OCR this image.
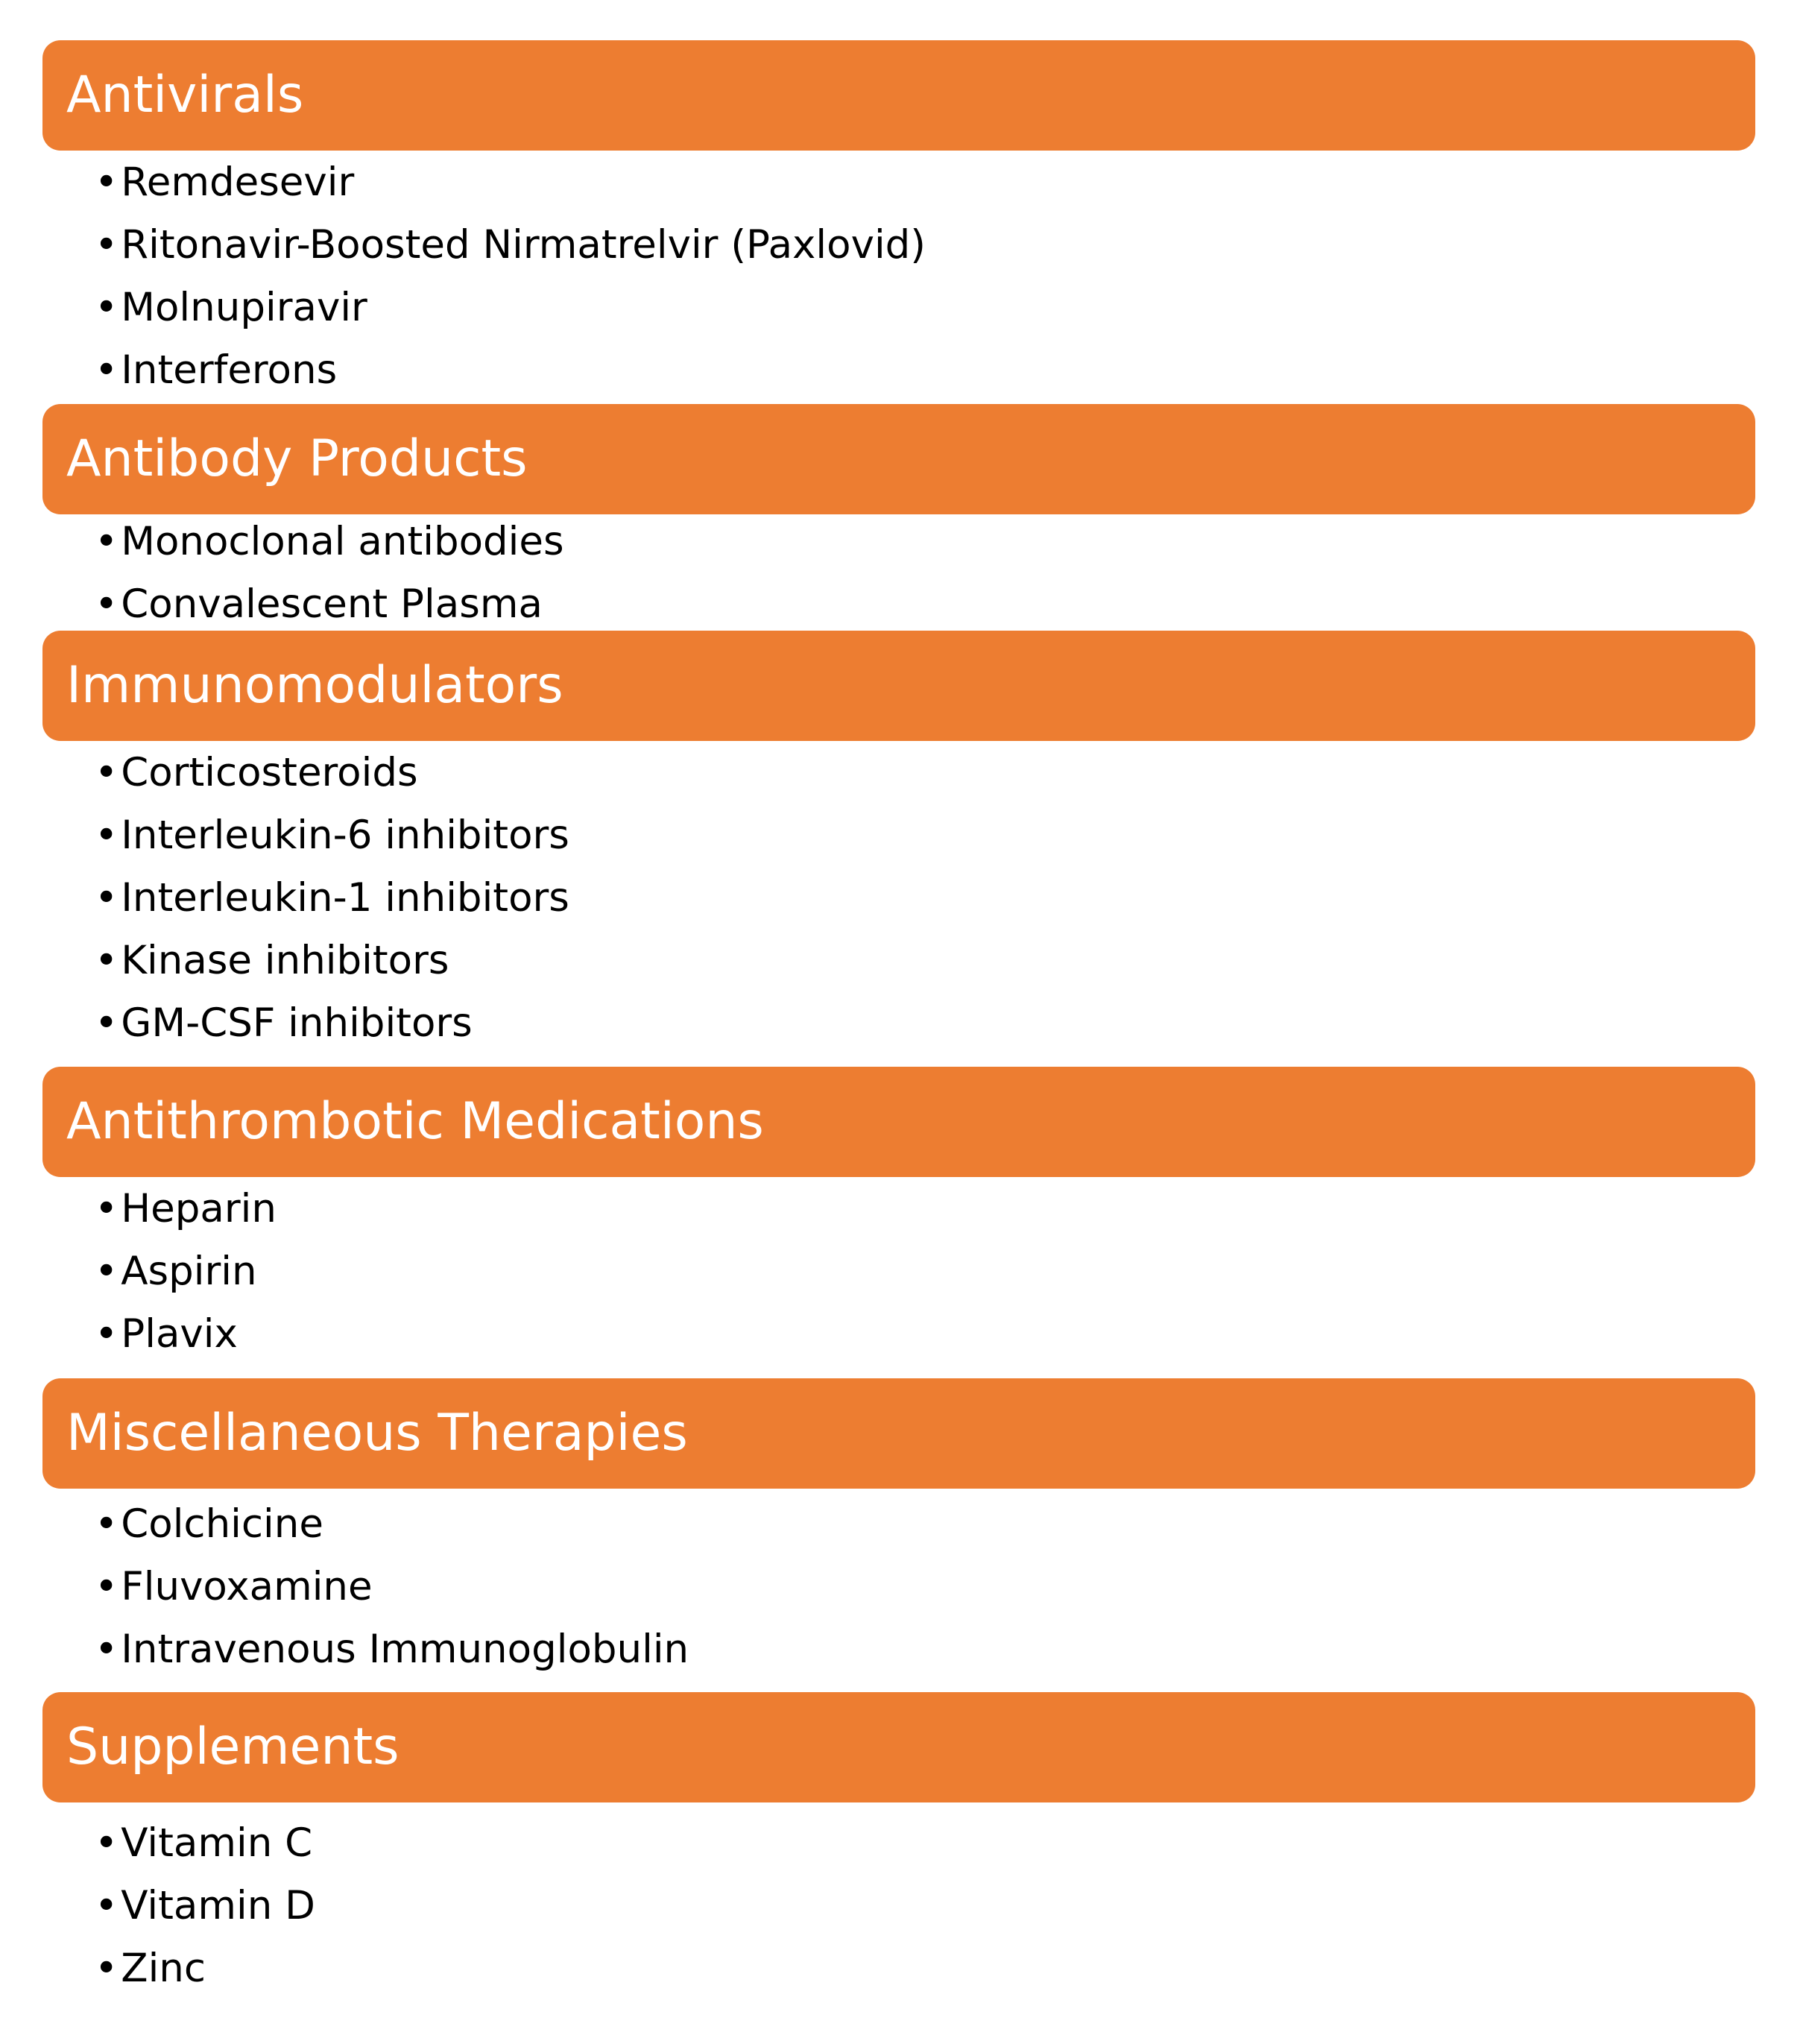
Antivirals
• Remdesevir
• Ritonavir-Boosted Nirmatrelvir (Paxlovid)
• Molnupiravir
• Interferons
Antibody Products
• Monoclonal antibodies
• Convalescent Plasma
Immunomodulators
• Corticosteroids
• Interleukin-6 inhibitors
• Interleukin-1 inhibitors
• Kinase inhibitors
• GM-CSF inhibitors
Antithrombotic Medications
• Heparin
• Aspirin
• Plavix
Miscellaneous Therapies
• Colchicine
• Fluvoxamine
• Intravenous Immunoglobulin
Supplements
• Vitamin C
• Vitamin D
• Zinc
